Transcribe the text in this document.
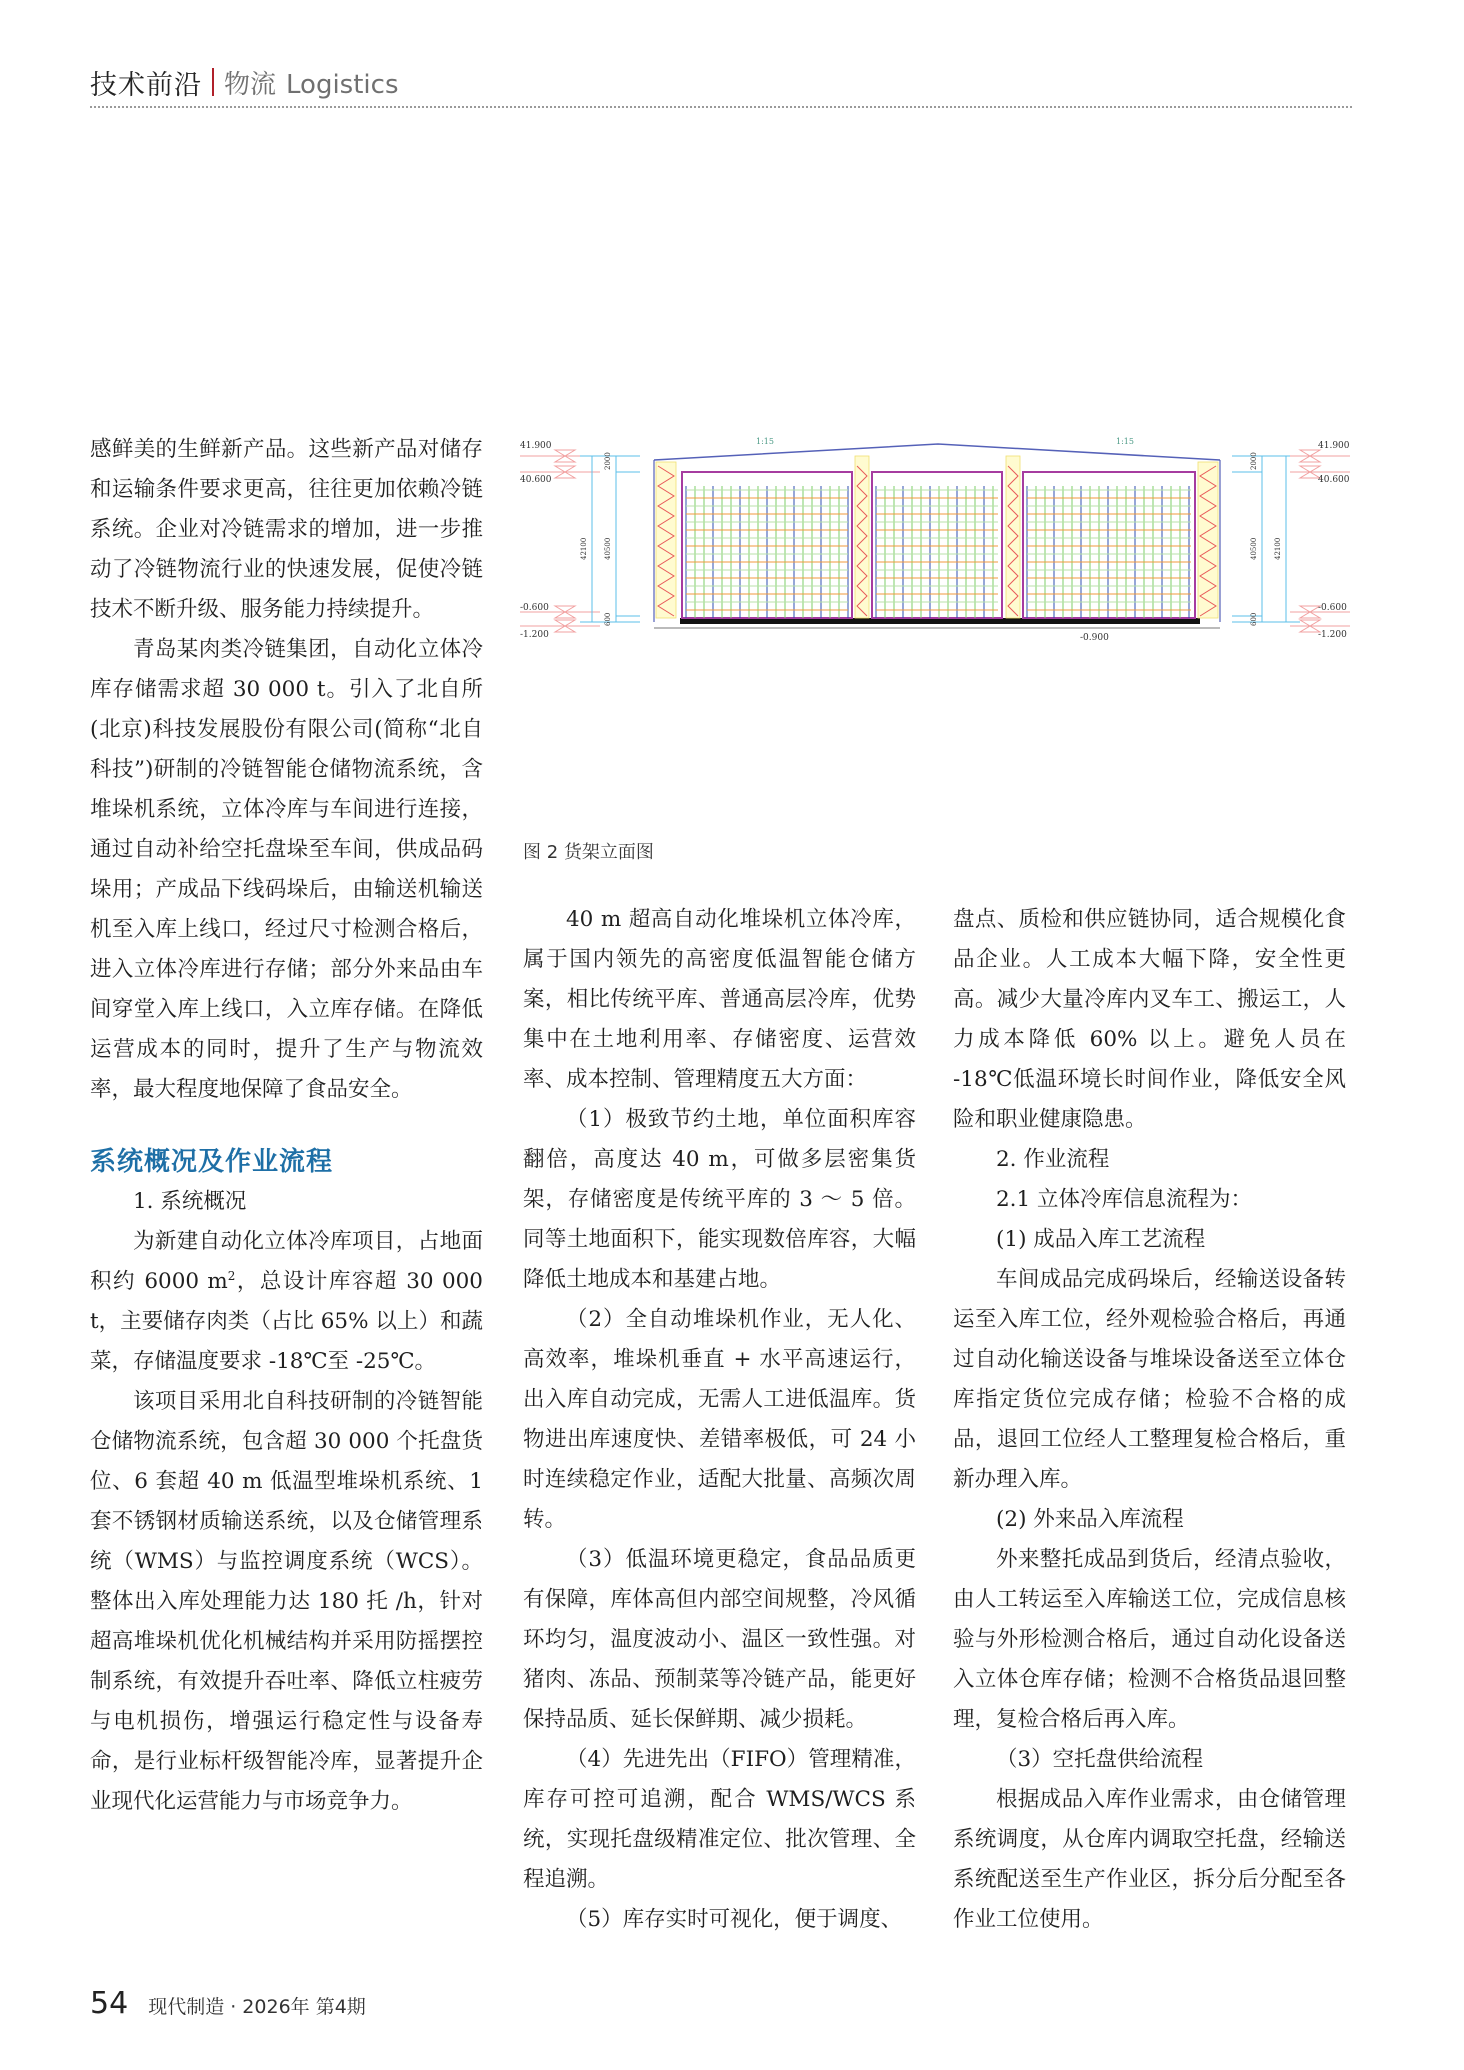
技术前沿 物流 Logistics

感鲜美的生鲜新产品。这些新产品对储存和运输条件要求更高，往往更加依赖冷链系统。企业对冷链需求的增加，进一步推动了冷链物流行业的快速发展，促使冷链技术不断升级、服务能力持续提升。

青岛某肉类冷链集团，自动化立体冷库存储需求超 30 000 t。引入了北自所(北京)科技发展股份有限公司(简称“北自科技”)研制的冷链智能仓储物流系统，含堆垛机系统，立体冷库与车间进行连接，通过自动补给空托盘垛至车间，供成品码垛用；产成品下线码垛后，由输送机输送机至入库上线口，经过尺寸检测合格后，进入立体冷库进行存储；部分外来品由车间穿堂入库上线口，入立库存储。在降低运营成本的同时，提升了生产与物流效率，最大程度地保障了食品安全。

系统概况及作业流程

1. 系统概况

为新建自动化立体冷库项目，占地面积约 6000 $m^2$，总设计库容超 30 000 t，主要储存肉类（占比 65% 以上）和蔬菜，存储温度要求 -18℃至 -25℃。

该项目采用北自科技研制的冷链智能仓储物流系统，包含超 30 000 个托盘货位、6 套超 40 m 低温型堆垛机系统、1 套不锈钢材质输送系统，以及仓储管理系统（WMS）与监控调度系统（WCS）。整体出入库处理能力达 180 托 /h，针对超高堆垛机优化机械结构并采用防摇摆控制系统，有效提升吞吐率、降低立柱疲劳与电机损伤，增强运行稳定性与设备寿命，是行业标杆级智能冷库，显著提升企业现代化运营能力与市场竞争力。

41.900
40.600
-0.600
-1.200
2000
42100 40500
600
1:15	1:15
2000
40500 42100
600
41.900
40.600
-0.600
-1.200
-0.900
图 2 货架立面图

40 m 超高自动化堆垛机立体冷库，属于国内领先的高密度低温智能仓储方案，相比传统平库、普通高层冷库，优势集中在土地利用率、存储密度、运营效率、成本控制、管理精度五大方面：

（1）极致节约土地，单位面积库容翻倍，高度达 40 m，可做多层密集货架，存储密度是传统平库的 3 ～ 5 倍。同等土地面积下，能实现数倍库容，大幅降低土地成本和基建占地。

（2）全自动堆垛机作业，无人化、高效率，堆垛机垂直 + 水平高速运行，出入库自动完成，无需人工进低温库。货物进出库速度快、差错率极低，可 24 小时连续稳定作业，适配大批量、高频次周转。

（3）低温环境更稳定，食品品质更有保障，库体高但内部空间规整，冷风循环均匀，温度波动小、温区一致性强。对猪肉、冻品、预制菜等冷链产品，能更好保持品质、延长保鲜期、减少损耗。

（4）先进先出（FIFO）管理精准，库存可控可追溯，配合 WMS/WCS 系统，实现托盘级精准定位、批次管理、全程追溯。

（5）库存实时可视化，便于调度、

盘点、质检和供应链协同，适合规模化食品企业。人工成本大幅下降，安全性更高。减少大量冷库内叉车工、搬运工，人力成本降低 60% 以上。避免人员在 -18℃低温环境长时间作业，降低安全风险和职业健康隐患。

2. 作业流程

2.1 立体冷库信息流程为：

(1) 成品入库工艺流程

车间成品完成码垛后，经输送设备转运至入库工位，经外观检验合格后，再通过自动化输送设备与堆垛设备送至立体仓库指定货位完成存储；检验不合格的成品，退回工位经人工整理复检合格后，重新办理入库。

(2) 外来品入库流程

外来整托成品到货后，经清点验收，由人工转运至入库输送工位，完成信息核验与外形检测合格后，通过自动化设备送入立体仓库存储；检测不合格货品退回整理，复检合格后再入库。

（3）空托盘供给流程

根据成品入库作业需求，由仓储管理系统调度，从仓库内调取空托盘，经输送系统配送至生产作业区，拆分后分配至各作业工位使用。

54 现代制造 · 2026年 第4期
